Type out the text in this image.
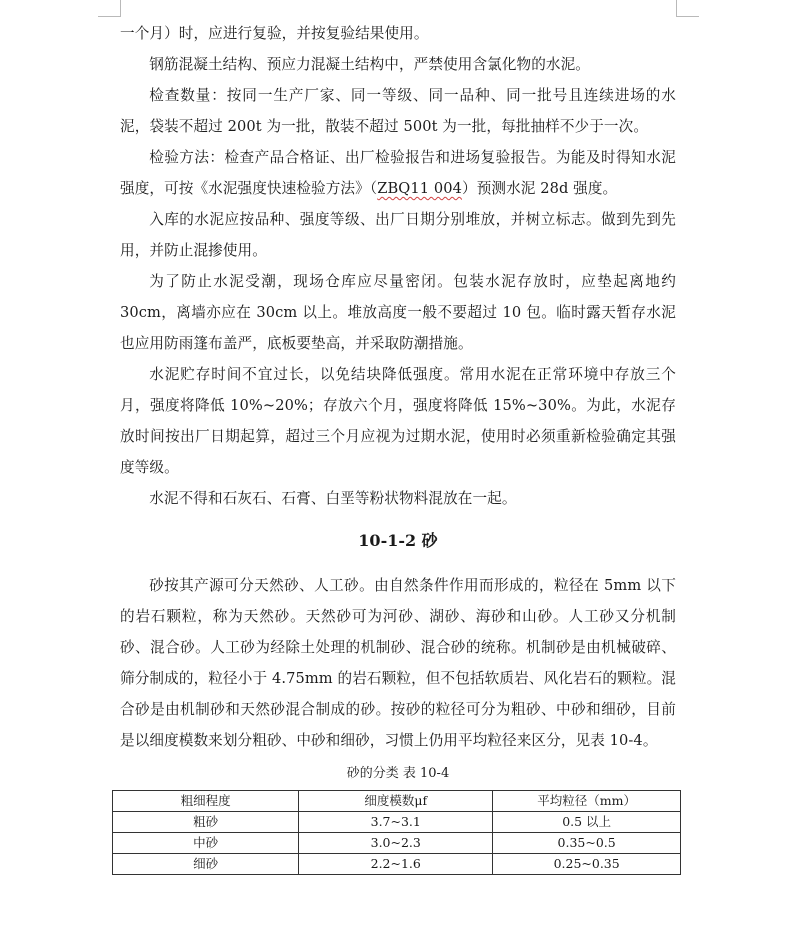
一个月）时，应进行复验，并按复验结果使用。

钢筋混凝土结构、预应力混凝土结构中，严禁使用含氯化物的水泥。

检查数量：按同一生产厂家、同一等级、同一品种、同一批号且连续进场的水泥，袋装不超过 200t 为一批，散装不超过 500t 为一批，每批抽样不少于一次。

检验方法：检查产品合格证、出厂检验报告和进场复验报告。为能及时得知水泥强度，可按《水泥强度快速检验方法》（ZBQ11 004）预测水泥 28d 强度。

入库的水泥应按品种、强度等级、出厂日期分别堆放，并树立标志。做到先到先用，并防止混掺使用。

为了防止水泥受潮，现场仓库应尽量密闭。包装水泥存放时，应垫起离地约 30cm，离墙亦应在 30cm 以上。堆放高度一般不要超过 10 包。临时露天暂存水泥也应用防雨篷布盖严，底板要垫高，并采取防潮措施。

水泥贮存时间不宜过长，以免结块降低强度。常用水泥在正常环境中存放三个月，强度将降低 10%~20%；存放六个月，强度将降低 15%~30%。为此，水泥存放时间按出厂日期起算，超过三个月应视为过期水泥，使用时必须重新检验确定其强度等级。

水泥不得和石灰石、石膏、白垩等粉状物料混放在一起。

10-1-2 砂

砂按其产源可分天然砂、人工砂。由自然条件作用而形成的，粒径在 5mm 以下的岩石颗粒，称为天然砂。天然砂可为河砂、湖砂、海砂和山砂。人工砂又分机制砂、混合砂。人工砂为经除土处理的机制砂、混合砂的统称。机制砂是由机械破碎、筛分制成的，粒径小于 4.75mm 的岩石颗粒，但不包括软质岩、风化岩石的颗粒。混合砂是由机制砂和天然砂混合制成的砂。按砂的粒径可分为粗砂、中砂和细砂，目前是以细度模数来划分粗砂、中砂和细砂，习惯上仍用平均粒径来区分，见表 10-4。

砂的分类 表 10-4
粗细程度	细度模数μf	平均粒径（mm）
粗砂	3.7~3.1	0.5 以上
中砂	3.0~2.3	0.35~0.5
细砂	2.2~1.6	0.25~0.35
